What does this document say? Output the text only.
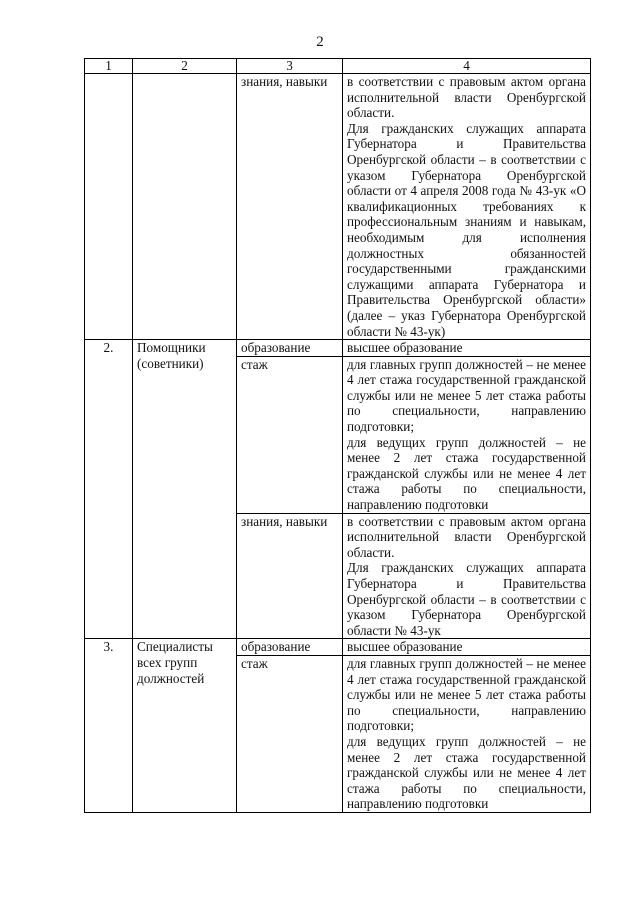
2
1	2	3	4
		знания, навыки	в соответствии с правовым актом органа исполнительной власти Оренбургской области.
Для гражданских служащих аппарата Губернатора и Правительства Оренбургской области – в соответствии с указом Губернатора Оренбургской области от 4 апреля 2008 года № 43-ук «О квалификационных требованиях к профессиональным знаниям и навыкам, необходимым для исполнения должностных обязанностей государственными гражданскими служащими аппарата Губернатора и Правительства Оренбургской области» (далее – указ Губернатора Оренбургской области № 43-ук)

2.	Помощники (советники)	образование	высшее образование

		стаж	для главных групп должностей – не менее 4 лет стажа государственной гражданской службы или не менее 5 лет стажа работы по специальности, направлению подготовки;
для ведущих групп должностей – не менее 2 лет стажа государственной гражданской службы или не менее 4 лет стажа работы по специальности, направлению подготовки

		знания, навыки	в соответствии с правовым актом органа исполнительной власти Оренбургской области.
Для гражданских служащих аппарата Губернатора и Правительства Оренбургской области – в соответствии с указом Губернатора Оренбургской области № 43-ук

3.	Специалисты всех групп должностей	образование	высшее образование

		стаж	для главных групп должностей – не менее 4 лет стажа государственной гражданской службы или не менее 5 лет стажа работы по специальности, направлению подготовки;
для ведущих групп должностей – не менее 2 лет стажа государственной гражданской службы или не менее 4 лет стажа работы по специальности, направлению подготовки
